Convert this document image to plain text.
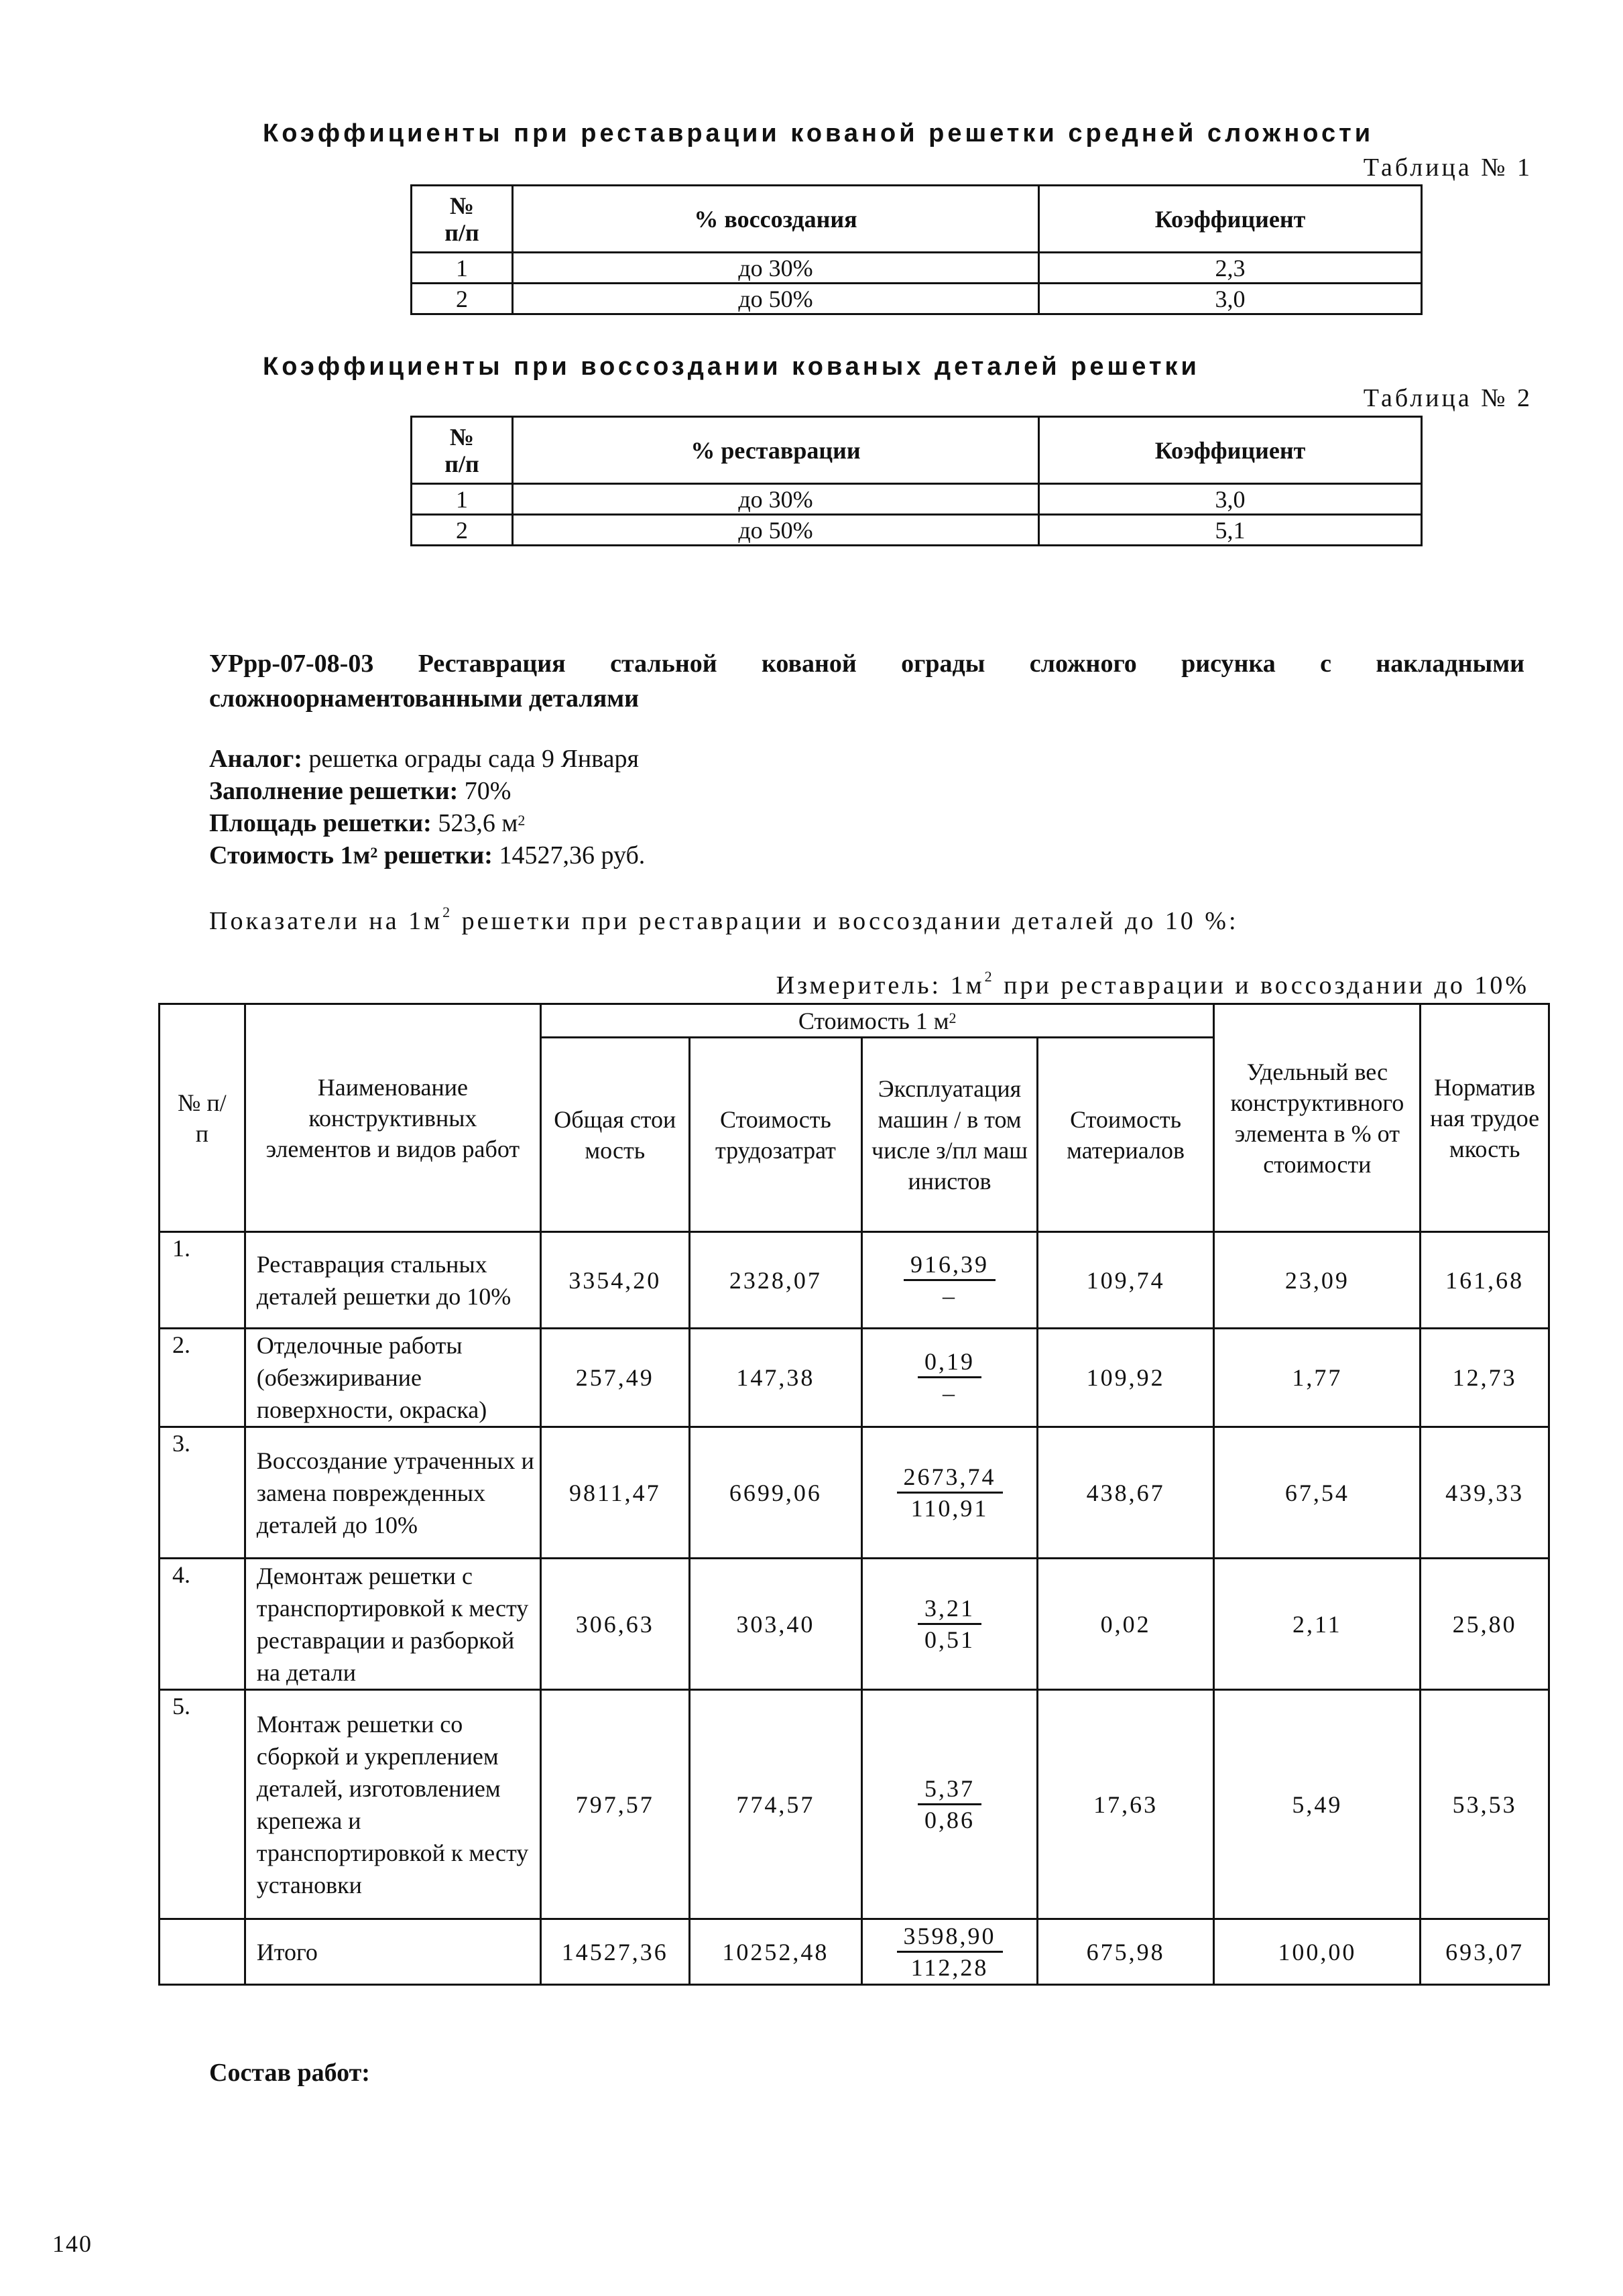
Коэффициенты при реставрации кованой решетки средней сложности
Таблица № 1
№
п/п	% воссоздания	Коэффициент
1	до 30%	2,3
2	до 50%	3,0
Коэффициенты при воссоздании кованых деталей решетки
Таблица № 2
№
п/п	% реставрации	Коэффициент
1	до 30%	3,0
2	до 50%	5,1
УРрр-07-08-03 Реставрация стальной кованой ограды сложного рисунка с накладными сложноорнаментованными деталями
Аналог: решетка ограды сада 9 Января
Заполнение решетки: 70%
Площадь решетки: 523,6 $м^2$
Стоимость $1м^2$ решетки: 14527,36 руб.
Показатели на $1м^2$ решетки при реставрации и воссоздании деталей до 10 %:
Измеритель: $1м^2$ при реставрации и воссоздании до 10%
№ п/п	Наименование конструктивных элементов и видов работ	Стоимость 1 $м^2$				Удельный вес конструктивного элемента в % от стоимости	Нормативная трудоемкость
		Общая стоимость	Стоимость трудозатрат	Эксплуатация машин / в том числе з/пл машинистов	Стоимость материалов		
1.	Реставрация стальных деталей решетки до 10%	3354,20	2328,07	$\frac{916,39}{-}$	109,74	23,09	161,68
2.	Отделочные работы (обезжиривание поверхности, окраска)	257,49	147,38	$\frac{0,19}{-}$	109,92	1,77	12,73
3.	Воссоздание утраченных и замена поврежденных деталей до 10%	9811,47	6699,06	$\frac{2673,74}{110,91}$	438,67	67,54	439,33
4.	Демонтаж решетки с транспортировкой к месту реставрации и разборкой на детали	306,63	303,40	$\frac{3,21}{0,51}$	0,02	2,11	25,80
5.	Монтаж решетки со сборкой и укреплением деталей, изготовлением крепежа и транспортировкой к месту установки	797,57	774,57	$\frac{5,37}{0,86}$	17,63	5,49	53,53
	Итого	14527,36	10252,48	$\frac{3598,90}{112,28}$	675,98	100,00	693,07
Состав работ:
140
